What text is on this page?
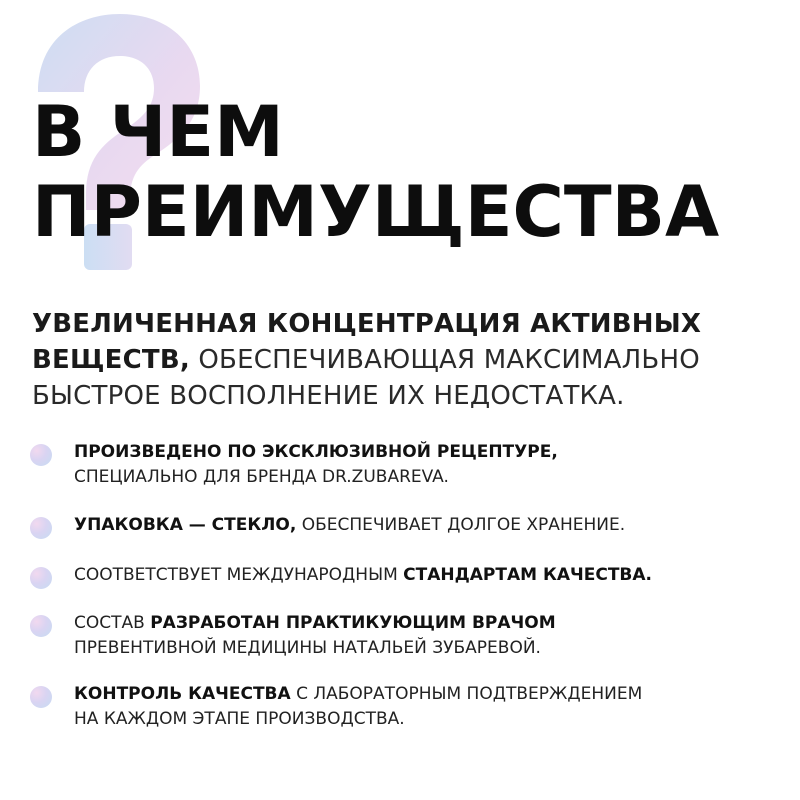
В ЧЕМ
ПРЕИМУЩЕСТВА
УВЕЛИЧЕННАЯ КОНЦЕНТРАЦИЯ АКТИВНЫХ
ВЕЩЕСТВ, ОБЕСПЕЧИВАЮЩАЯ МАКСИМАЛЬНО
БЫСТРОЕ ВОСПОЛНЕНИЕ ИХ НЕДОСТАТКА.
ПРОИЗВЕДЕНО ПО ЭКСКЛЮЗИВНОЙ РЕЦЕПТУРЕ,
СПЕЦИАЛЬНО ДЛЯ БРЕНДА DR.ZUBAREVA.
УПАКОВКА — СТЕКЛО, ОБЕСПЕЧИВАЕТ ДОЛГОЕ ХРАНЕНИЕ.
СООТВЕТСТВУЕТ МЕЖДУНАРОДНЫМ СТАНДАРТАМ КАЧЕСТВА.
СОСТАВ РАЗРАБОТАН ПРАКТИКУЮЩИМ ВРАЧОМ
ПРЕВЕНТИВНОЙ МЕДИЦИНЫ НАТАЛЬЕЙ ЗУБАРЕВОЙ.
КОНТРОЛЬ КАЧЕСТВА С ЛАБОРАТОРНЫМ ПОДТВЕРЖДЕНИЕМ
НА КАЖДОМ ЭТАПЕ ПРОИЗВОДСТВА.
